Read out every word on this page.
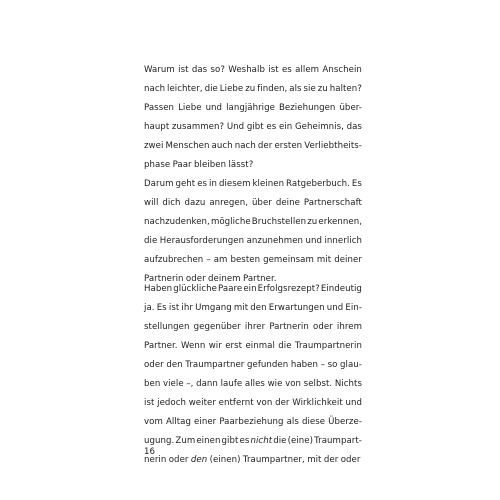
Warum ist das so? Weshalb ist es allem Anschein
nach leichter, die Liebe zu finden, als sie zu halten?
Passen Liebe und langjährige Beziehungen über-
haupt zusammen? Und gibt es ein Geheimnis, das
zwei Menschen auch nach der ersten Verliebtheits-
phase Paar bleiben lässt?
Darum geht es in diesem kleinen Ratgeberbuch. Es
will dich dazu anregen, über deine Partnerschaft
nachzudenken, mögliche Bruchstellen zu erkennen,
die Herausforderungen anzunehmen und innerlich
aufzubrechen – am besten gemeinsam mit deiner
Partnerin oder deinem Partner.
Haben glückliche Paare ein Erfolgsrezept? Eindeutig
ja. Es ist ihr Umgang mit den Erwartungen und Ein-
stellungen gegenüber ihrer Partnerin oder ihrem
Partner. Wenn wir erst einmal die Traumpartnerin
oder den Traumpartner gefunden haben – so glau-
ben viele –, dann laufe alles wie von selbst. Nichts
ist jedoch weiter entfernt von der Wirklichkeit und
vom Alltag einer Paarbeziehung als diese Überze-
ugung. Zum einen gibt es nicht die (eine) Traumpart-
nerin oder den (einen) Traumpartner, mit der oder
16
